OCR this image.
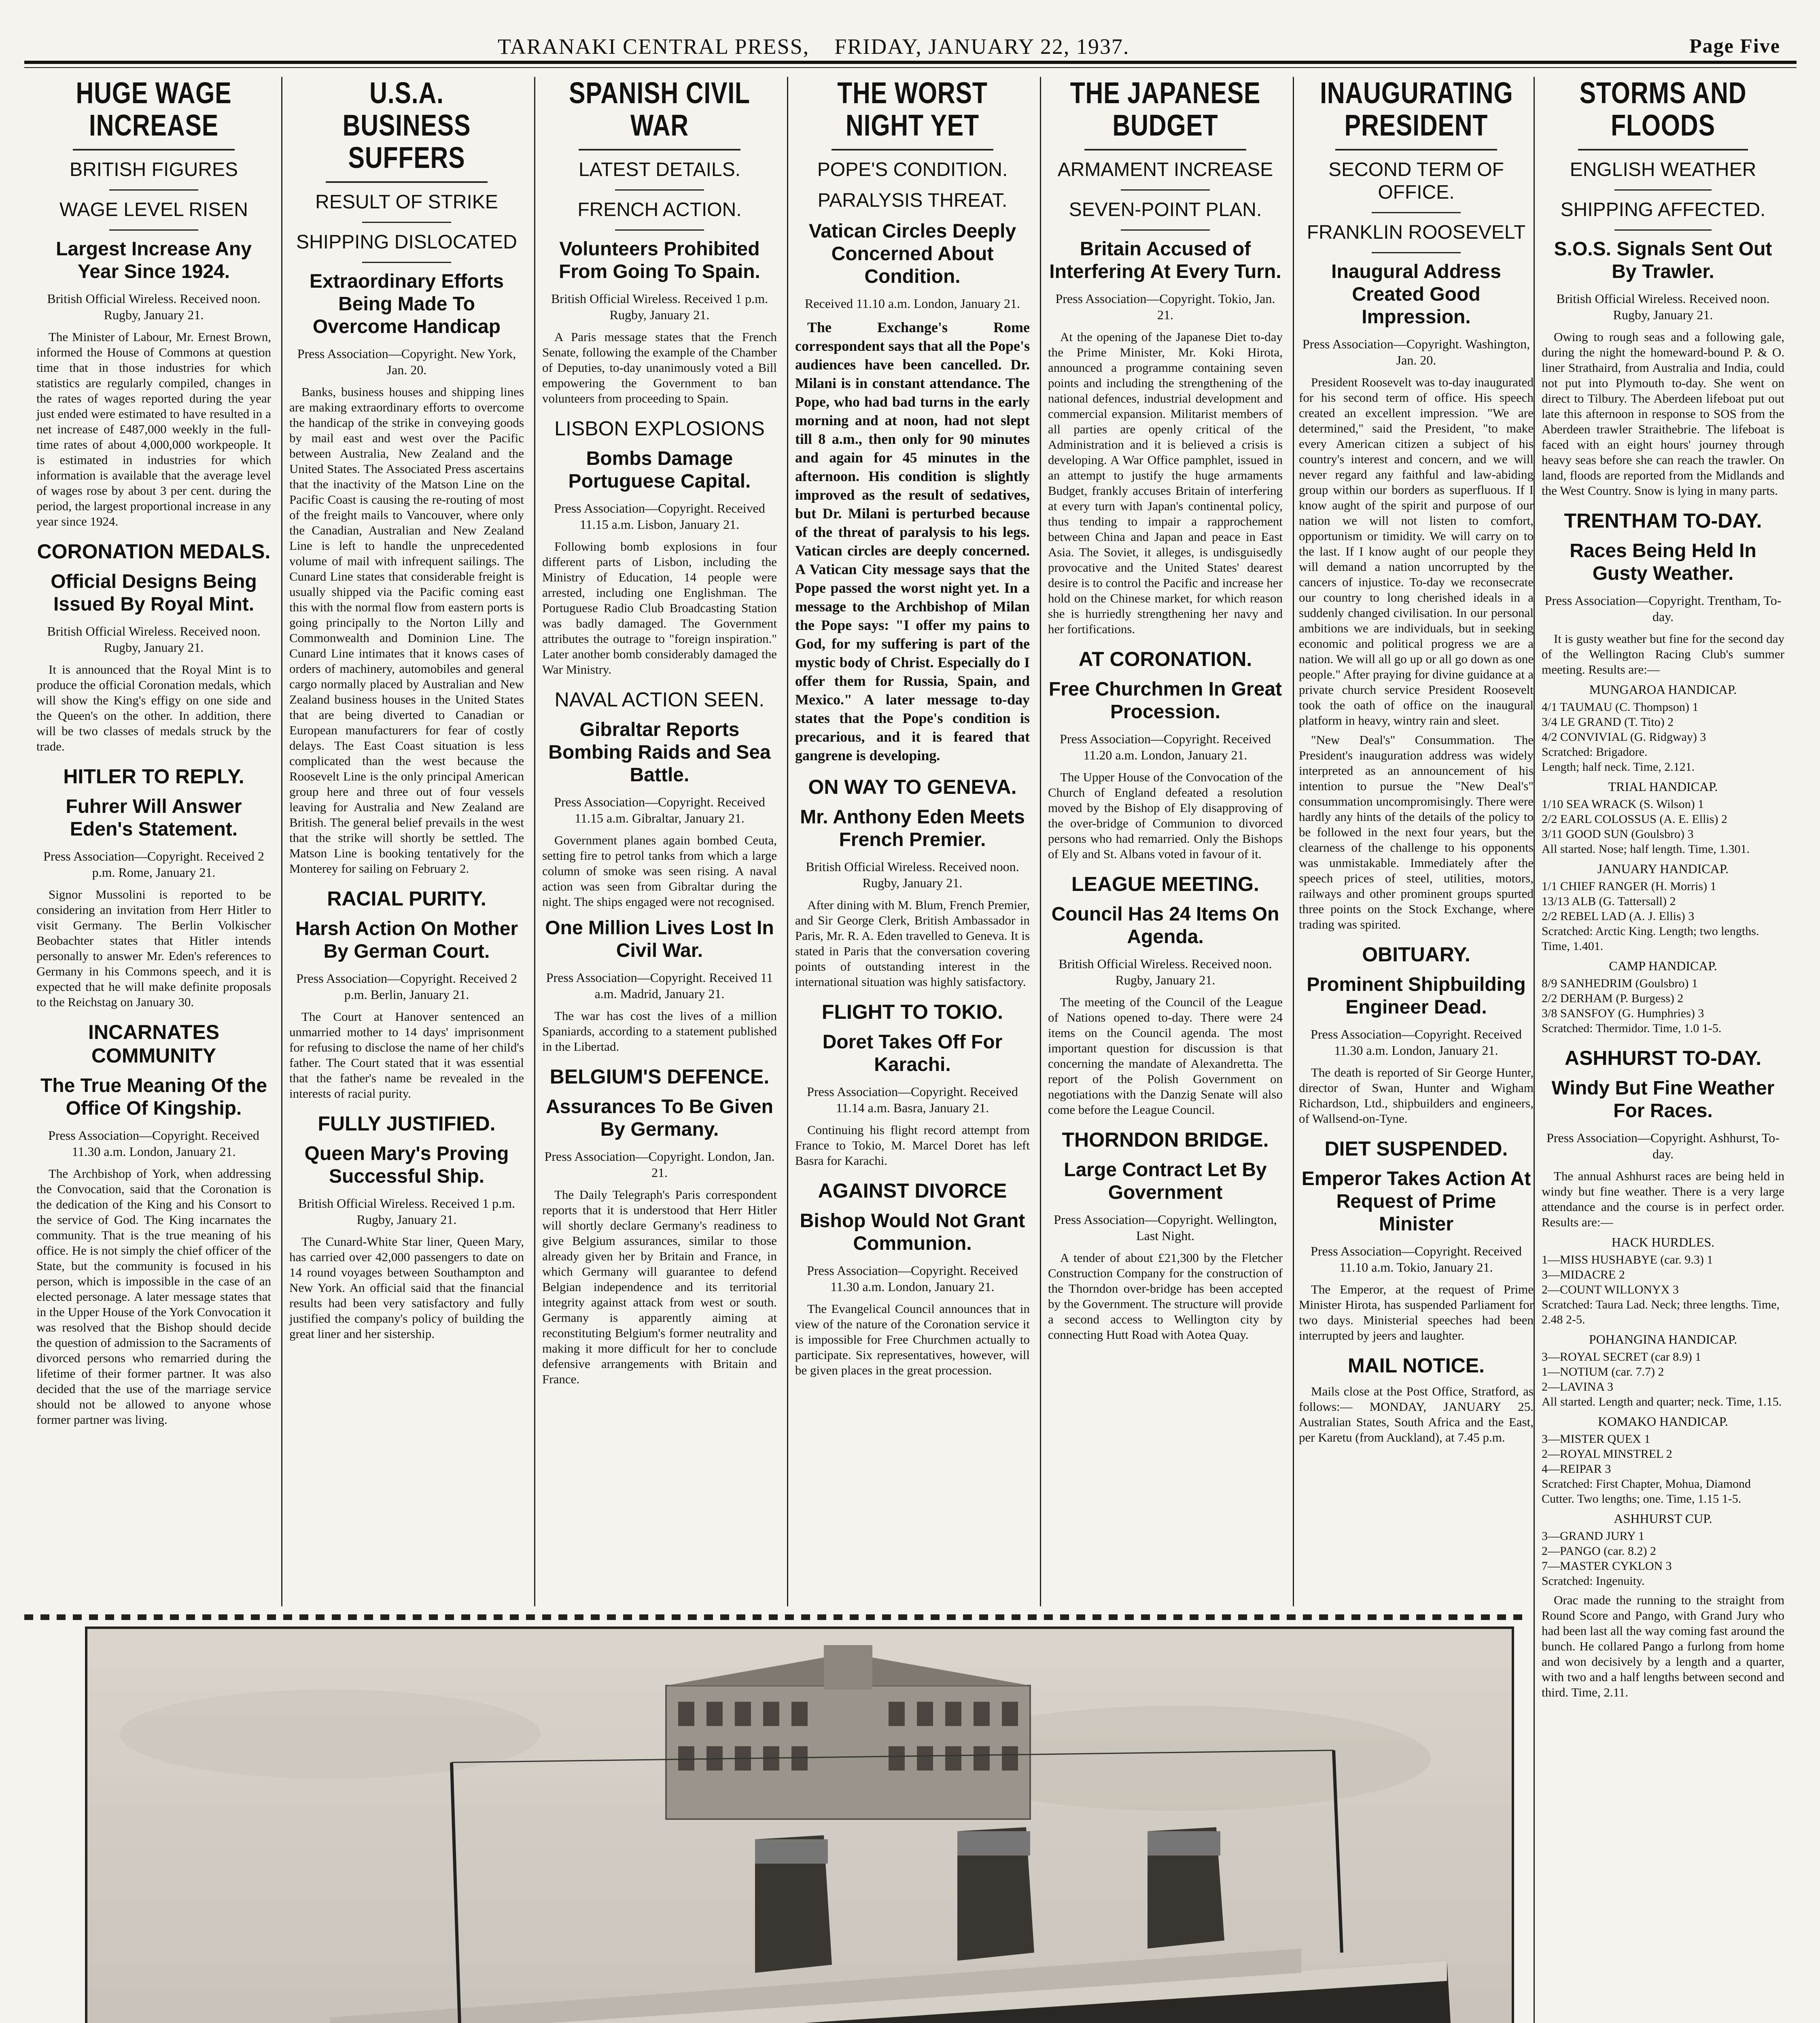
TARANAKI CENTRAL PRESS, FRIDAY, JANUARY 22, 1937.	Page Five
HUGE WAGE INCREASE
BRITISH FIGURES
WAGE LEVEL RISEN
Largest Increase Any Year Since 1924.
British Official Wireless. Received noon. Rugby, January 21.
The Minister of Labour, Mr. Ernest Brown, informed the House of Commons at question time that in those industries for which statistics are regularly compiled, changes in the rates of wages reported during the year just ended were estimated to have resulted in a net increase of £487,000 weekly in the full-time rates of about 4,000,000 workpeople. It is estimated in industries for which information is available that the average level of wages rose by about 3 per cent. during the period, the largest proportional increase in any year since 1924.
CORONATION MEDALS.
Official Designs Being Issued By Royal Mint.
British Official Wireless. Received noon. Rugby, January 21.
It is announced that the Royal Mint is to produce the official Coronation medals, which will show the King's effigy on one side and the Queen's on the other. In addition, there will be two classes of medals struck by the trade.
HITLER TO REPLY.
Fuhrer Will Answer Eden's Statement.
Press Association—Copyright. Received 2 p.m. Rome, January 21.
Signor Mussolini is reported to be considering an invitation from Herr Hitler to visit Germany. The Berlin Volkischer Beobachter states that Hitler intends personally to answer Mr. Eden's references to Germany in his Commons speech, and it is expected that he will make definite proposals to the Reichstag on January 30.
INCARNATES COMMUNITY
The True Meaning Of the Office Of Kingship.
Press Association—Copyright. Received 11.30 a.m. London, January 21.
The Archbishop of York, when addressing the Convocation, said that the Coronation is the dedication of the King and his Consort to the service of God. The King incarnates the community. That is the true meaning of his office. He is not simply the chief officer of the State, but the community is focused in his person, which is impossible in the case of an elected personage. A later message states that in the Upper House of the York Convocation it was resolved that the Bishop should decide the question of admission to the Sacraments of divorced persons who remarried during the lifetime of their former partner. It was also decided that the use of the marriage service should not be allowed to anyone whose former partner was living.
U.S.A. BUSINESS SUFFERS
RESULT OF STRIKE
SHIPPING DISLOCATED
Extraordinary Efforts Being Made To Overcome Handicap
Press Association—Copyright. New York, Jan. 20.
Banks, business houses and shipping lines are making extraordinary efforts to overcome the handicap of the strike in conveying goods by mail east and west over the Pacific between Australia, New Zealand and the United States. The Associated Press ascertains that the inactivity of the Matson Line on the Pacific Coast is causing the re-routing of most of the freight mails to Vancouver, where only the Canadian, Australian and New Zealand Line is left to handle the unprecedented volume of mail with infrequent sailings. The Cunard Line states that considerable freight is usually shipped via the Pacific coming east this with the normal flow from eastern ports is going principally to the Norton Lilly and Commonwealth and Dominion Line. The Cunard Line intimates that it knows cases of orders of machinery, automobiles and general cargo normally placed by Australian and New Zealand business houses in the United States that are being diverted to Canadian or European manufacturers for fear of costly delays. The East Coast situation is less complicated than the west because the Roosevelt Line is the only principal American group here and three out of four vessels leaving for Australia and New Zealand are British. The general belief prevails in the west that the strike will shortly be settled. The Matson Line is booking tentatively for the Monterey for sailing on February 2.
RACIAL PURITY.
Harsh Action On Mother By German Court.
Press Association—Copyright. Received 2 p.m. Berlin, January 21.
The Court at Hanover sentenced an unmarried mother to 14 days' imprisonment for refusing to disclose the name of her child's father. The Court stated that it was essential that the father's name be revealed in the interests of racial purity.
FULLY JUSTIFIED.
Queen Mary's Proving Successful Ship.
British Official Wireless. Received 1 p.m. Rugby, January 21.
The Cunard-White Star liner, Queen Mary, has carried over 42,000 passengers to date on 14 round voyages between Southampton and New York. An official said that the financial results had been very satisfactory and fully justified the company's policy of building the great liner and her sistership.
SPANISH CIVIL WAR
LATEST DETAILS.
FRENCH ACTION.
Volunteers Prohibited From Going To Spain.
British Official Wireless. Received 1 p.m. Rugby, January 21.
A Paris message states that the French Senate, following the example of the Chamber of Deputies, to-day unanimously voted a Bill empowering the Government to ban volunteers from proceeding to Spain.
LISBON EXPLOSIONS
Bombs Damage Portuguese Capital.
Press Association—Copyright. Received 11.15 a.m. Lisbon, January 21.
Following bomb explosions in four different parts of Lisbon, including the Ministry of Education, 14 people were arrested, including one Englishman. The Portuguese Radio Club Broadcasting Station was badly damaged. The Government attributes the outrage to "foreign inspiration." Later another bomb considerably damaged the War Ministry.
NAVAL ACTION SEEN.
Gibraltar Reports Bombing Raids and Sea Battle.
Press Association—Copyright. Received 11.15 a.m. Gibraltar, January 21.
Government planes again bombed Ceuta, setting fire to petrol tanks from which a large column of smoke was seen rising. A naval action was seen from Gibraltar during the night. The ships engaged were not recognised.
One Million Lives Lost In Civil War.
Press Association—Copyright. Received 11 a.m. Madrid, January 21.
The war has cost the lives of a million Spaniards, according to a statement published in the Libertad.
BELGIUM'S DEFENCE.
Assurances To Be Given By Germany.
Press Association—Copyright. London, Jan. 21.
The Daily Telegraph's Paris correspondent reports that it is understood that Herr Hitler will shortly declare Germany's readiness to give Belgium assurances, similar to those already given her by Britain and France, in which Germany will guarantee to defend Belgian independence and its territorial integrity against attack from west or south. Germany is apparently aiming at reconstituting Belgium's former neutrality and making it more difficult for her to conclude defensive arrangements with Britain and France.
THE WORST NIGHT YET
POPE'S CONDITION.
PARALYSIS THREAT.
Vatican Circles Deeply Concerned About Condition.
Received 11.10 a.m. London, January 21.
The Exchange's Rome correspondent says that all the Pope's audiences have been cancelled. Dr. Milani is in constant attendance. The Pope, who had bad turns in the early morning and at noon, had not slept till 8 a.m., then only for 90 minutes and again for 45 minutes in the afternoon. His condition is slightly improved as the result of sedatives, but Dr. Milani is perturbed because of the threat of paralysis to his legs. Vatican circles are deeply concerned. A Vatican City message says that the Pope passed the worst night yet. In a message to the Archbishop of Milan the Pope says: "I offer my pains to God, for my suffering is part of the mystic body of Christ. Especially do I offer them for Russia, Spain, and Mexico." A later message to-day states that the Pope's condition is precarious, and it is feared that gangrene is developing.
ON WAY TO GENEVA.
Mr. Anthony Eden Meets French Premier.
British Official Wireless. Received noon. Rugby, January 21.
After dining with M. Blum, French Premier, and Sir George Clerk, British Ambassador in Paris, Mr. R. A. Eden travelled to Geneva. It is stated in Paris that the conversation covering points of outstanding interest in the international situation was highly satisfactory.
FLIGHT TO TOKIO.
Doret Takes Off For Karachi.
Press Association—Copyright. Received 11.14 a.m. Basra, January 21.
Continuing his flight record attempt from France to Tokio, M. Marcel Doret has left Basra for Karachi.
AGAINST DIVORCE
Bishop Would Not Grant Communion.
Press Association—Copyright. Received 11.30 a.m. London, January 21.
The Evangelical Council announces that in view of the nature of the Coronation service it is impossible for Free Churchmen actually to participate. Six representatives, however, will be given places in the great procession.
THE JAPANESE BUDGET
ARMAMENT INCREASE
SEVEN-POINT PLAN.
Britain Accused of Interfering At Every Turn.
Press Association—Copyright. Tokio, Jan. 21.
At the opening of the Japanese Diet to-day the Prime Minister, Mr. Koki Hirota, announced a programme containing seven points and including the strengthening of the national defences, industrial development and commercial expansion. Militarist members of all parties are openly critical of the Administration and it is believed a crisis is developing. A War Office pamphlet, issued in an attempt to justify the huge armaments Budget, frankly accuses Britain of interfering at every turn with Japan's continental policy, thus tending to impair a rapprochement between China and Japan and peace in East Asia. The Soviet, it alleges, is undisguisedly provocative and the United States' dearest desire is to control the Pacific and increase her hold on the Chinese market, for which reason she is hurriedly strengthening her navy and her fortifications.
AT CORONATION.
Free Churchmen In Great Procession.
Press Association—Copyright. Received 11.20 a.m. London, January 21.
The Upper House of the Convocation of the Church of England defeated a resolution moved by the Bishop of Ely disapproving of the over-bridge of Communion to divorced persons who had remarried. Only the Bishops of Ely and St. Albans voted in favour of it.
LEAGUE MEETING.
Council Has 24 Items On Agenda.
British Official Wireless. Received noon. Rugby, January 21.
The meeting of the Council of the League of Nations opened to-day. There were 24 items on the Council agenda. The most important question for discussion is that concerning the mandate of Alexandretta. The report of the Polish Government on negotiations with the Danzig Senate will also come before the League Council.
THORNDON BRIDGE.
Large Contract Let By Government
Press Association—Copyright. Wellington, Last Night.
A tender of about £21,300 by the Fletcher Construction Company for the construction of the Thorndon over-bridge has been accepted by the Government. The structure will provide a second access to Wellington city by connecting Hutt Road with Aotea Quay.
INAUGURATING PRESIDENT
SECOND TERM OF OFFICE.
FRANKLIN ROOSEVELT
Inaugural Address Created Good Impression.
Press Association—Copyright. Washington, Jan. 20.
President Roosevelt was to-day inaugurated for his second term of office. His speech created an excellent impression. "We are determined," said the President, "to make every American citizen a subject of his country's interest and concern, and we will never regard any faithful and law-abiding group within our borders as superfluous. If I know aught of the spirit and purpose of our nation we will not listen to comfort, opportunism or timidity. We will carry on to the last. If I know aught of our people they will demand a nation uncorrupted by the cancers of injustice. To-day we reconsecrate our country to long cherished ideals in a suddenly changed civilisation. In our personal ambitions we are individuals, but in seeking economic and political progress we are a nation. We will all go up or all go down as one people." After praying for divine guidance at a private church service President Roosevelt took the oath of office on the inaugural platform in heavy, wintry rain and sleet.
"New Deal's" Consummation. The President's inauguration address was widely interpreted as an announcement of his intention to pursue the "New Deal's" consummation uncompromisingly. There were hardly any hints of the details of the policy to be followed in the next four years, but the clearness of the challenge to his opponents was unmistakable. Immediately after the speech prices of steel, utilities, motors, railways and other prominent groups spurted three points on the Stock Exchange, where trading was spirited.
OBITUARY.
Prominent Shipbuilding Engineer Dead.
Press Association—Copyright. Received 11.30 a.m. London, January 21.
The death is reported of Sir George Hunter, director of Swan, Hunter and Wigham Richardson, Ltd., shipbuilders and engineers, of Wallsend-on-Tyne.
DIET SUSPENDED.
Emperor Takes Action At Request of Prime Minister
Press Association—Copyright. Received 11.10 a.m. Tokio, January 21.
The Emperor, at the request of Prime Minister Hirota, has suspended Parliament for two days. Ministerial speeches had been interrupted by jeers and laughter.
MAIL NOTICE.
Mails close at the Post Office, Stratford, as follows:— MONDAY, JANUARY 25. Australian States, South Africa and the East, per Karetu (from Auckland), at 7.45 p.m.
STORMS AND FLOODS
ENGLISH WEATHER
SHIPPING AFFECTED.
S.O.S. Signals Sent Out By Trawler.
British Official Wireless. Received noon. Rugby, January 21.
Owing to rough seas and a following gale, during the night the homeward-bound P. & O. liner Strathaird, from Australia and India, could not put into Plymouth to-day. She went on direct to Tilbury. The Aberdeen lifeboat put out late this afternoon in response to SOS from the Aberdeen trawler Straithebrie. The lifeboat is faced with an eight hours' journey through heavy seas before she can reach the trawler. On land, floods are reported from the Midlands and the West Country. Snow is lying in many parts.
TRENTHAM TO-DAY.
Races Being Held In Gusty Weather.
Press Association—Copyright. Trentham, To-day.
It is gusty weather but fine for the second day of the Wellington Racing Club's summer meeting. Results are:—
MUNGAROA HANDICAP.
4/1 TAUMAU (C. Thompson) 1
3/4 LE GRAND (T. Tito) 2
4/2 CONVIVIAL (G. Ridgway) 3
Scratched: Brigadore.
Length; half neck. Time, 2.121.
TRIAL HANDICAP.
1/10 SEA WRACK (S. Wilson) 1
2/2 EARL COLOSSUS (A. E. Ellis) 2
3/11 GOOD SUN (Goulsbro) 3
All started. Nose; half length. Time, 1.301.
JANUARY HANDICAP.
1/1 CHIEF RANGER (H. Morris) 1
13/13 ALB (G. Tattersall) 2
2/2 REBEL LAD (A. J. Ellis) 3
Scratched: Arctic King. Length; two lengths. Time, 1.401.
CAMP HANDICAP.
8/9 SANHEDRIM (Goulsbro) 1
2/2 DERHAM (P. Burgess) 2
3/8 SANSFOY (G. Humphries) 3
Scratched: Thermidor. Time, 1.0 1-5.
ASHHURST TO-DAY.
Windy But Fine Weather For Races.
Press Association—Copyright. Ashhurst, To-day.
The annual Ashhurst races are being held in windy but fine weather. There is a very large attendance and the course is in perfect order. Results are:—
HACK HURDLES.
1—MISS HUSHABYE (car. 9.3) 1
3—MIDACRE 2
2—COUNT WILLONYX 3
Scratched: Taura Lad. Neck; three lengths. Time, 2.48 2-5.
POHANGINA HANDICAP.
3—ROYAL SECRET (car 8.9) 1
1—NOTIUM (car. 7.7) 2
2—LAVINA 3
All started. Length and quarter; neck. Time, 1.15.
KOMAKO HANDICAP.
3—MISTER QUEX 1
2—ROYAL MINSTREL 2
4—REIPAR 3
Scratched: First Chapter, Mohua, Diamond Cutter. Two lengths; one. Time, 1.15 1-5.
ASHHURST CUP.
3—GRAND JURY 1
2—PANGO (car. 8.2) 2
7—MASTER CYKLON 3
Scratched: Ingenuity.
Orac made the running to the straight from Round Score and Pango, with Grand Jury who had been last all the way coming fast around the bunch. He collared Pango a furlong from home and won decisively by a length and a quarter, with two and a half lengths between second and third. Time, 2.11.
